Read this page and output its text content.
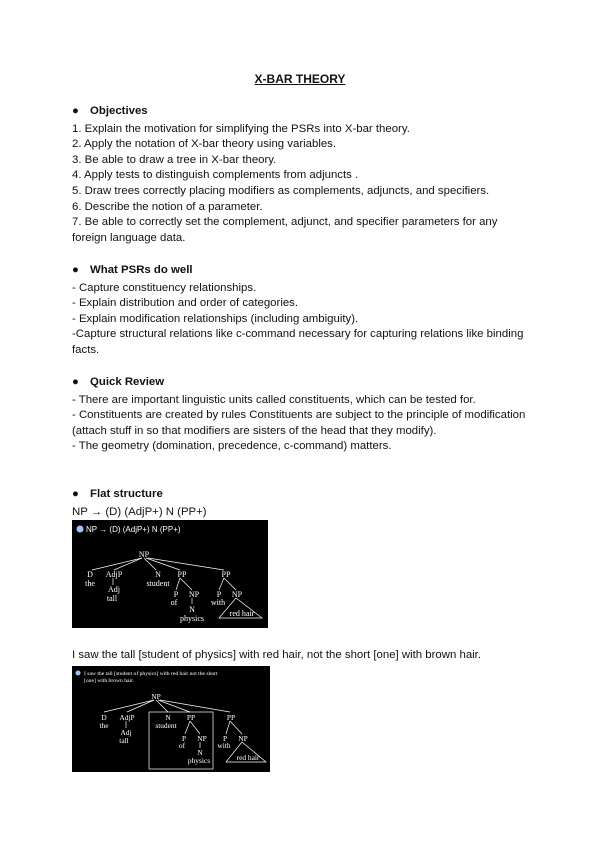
X-BAR THEORY
● Objectives
1. Explain the motivation for simplifying the PSRs into X-bar theory.
2. Apply the notation of X-bar theory using variables.
3. Be able to draw a tree in X-bar theory.
4. Apply tests to distinguish complements from adjuncts .
5. Draw trees correctly placing modifiers as complements, adjuncts, and specifiers.
6. Describe the notion of a parameter.
7. Be able to correctly set the complement, adjunct, and specifier parameters for any foreign language data.
● What PSRs do well
- Capture constituency relationships.
- Explain distribution and order of categories.
- Explain modification relationships (including ambiguity).
-Capture structural relations like c-command necessary for capturing relations like binding facts.
● Quick Review
- There are important linguistic units called constituents, which can be tested for.
- Constituents are created by rules Constituents are subject to the principle of modification (attach stuff in so that modifiers are sisters of the head that they modify).
- The geometry (domination, precedence, c-command) matters.
● Flat structure
NP → (D) (AdjP+) N (PP+)
NP → (D) (AdjP+) N (PP+)
NP
D
the
AdjP
Adj
tall
N
student
PP
P
of
NP
N
physics
PP
P
with
NP
red hair
I saw the tall [student of physics] with red hair, not the short [one] with brown hair.
I saw the tall [student of physics] with red hair not the short
[one] with brown hair.
NP
D
the
AdjP
Adj
tall
N
student
PP
P
of
NP
N
physics
PP
P
with
NP
red hair
